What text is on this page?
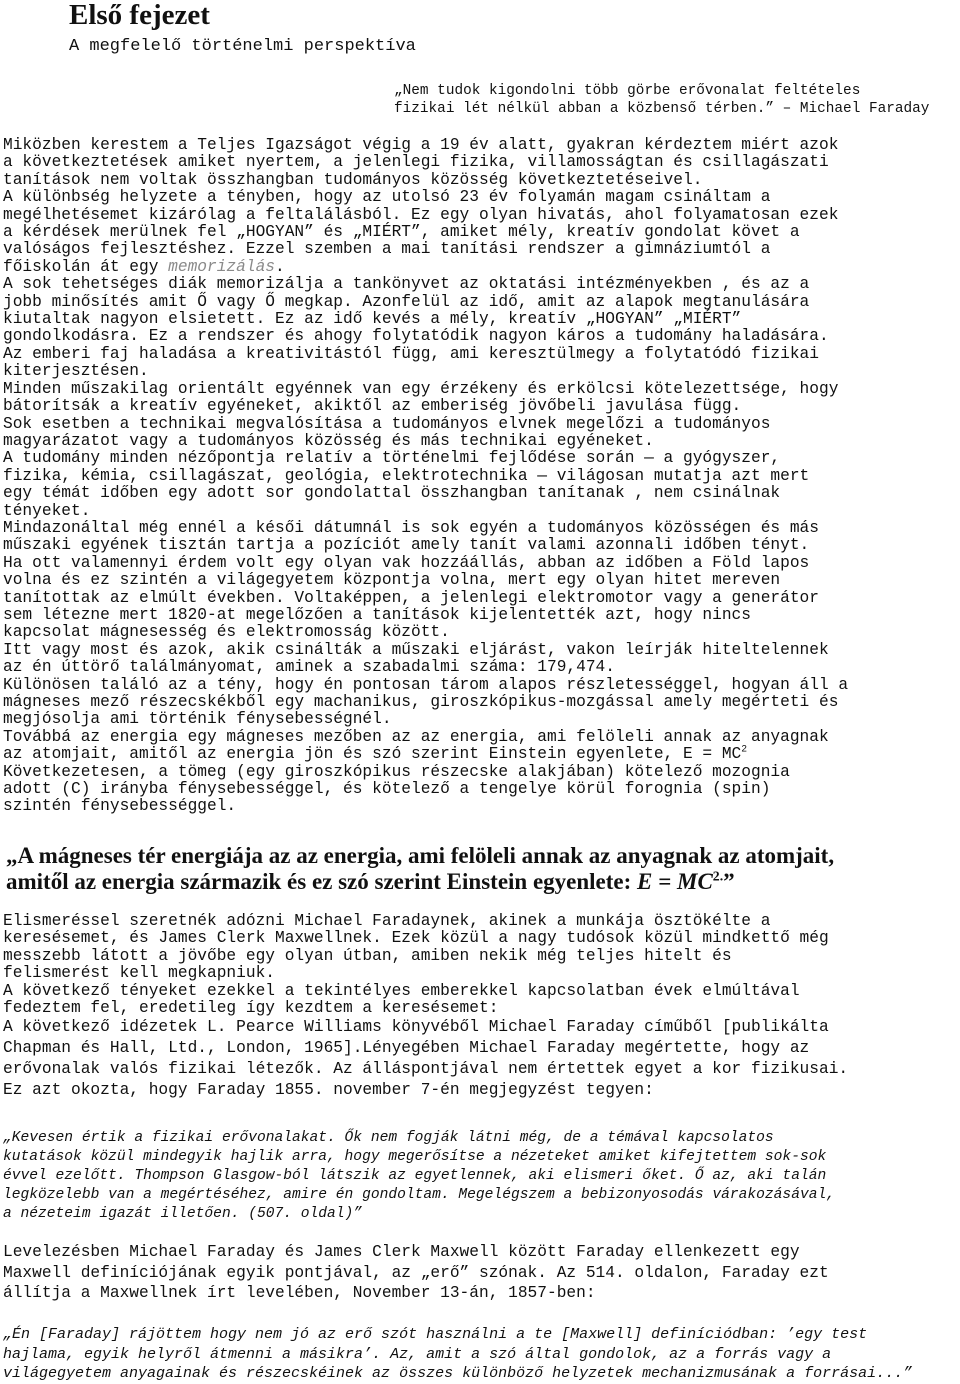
Első fejezet

A megfelelő történelmi perspektíva

„Nem tudok kigondolni több görbe erővonalat feltételes
fizikai lét nélkül abban a közbenső térben.” – Michael Faraday

Miközben kerestem a Teljes Igazságot végig a 19 év alatt, gyakran kérdeztem miért azok
a következtetések amiket nyertem, a jelenlegi fizika, villamosságtan és csillagászati
tanítások nem voltak összhangban tudományos közösség következtetéseivel.
A különbség helyzete a tényben, hogy az utolsó 23 év folyamán magam csináltam a
megélhetésemet kizárólag a feltalálásból. Ez egy olyan hivatás, ahol folyamatosan ezek
a kérdések merülnek fel „HOGYAN” és „MIÉRT”, amiket mély, kreatív gondolat követ a
valóságos fejlesztéshez. Ezzel szemben a mai tanítási rendszer a gimnáziumtól a
főiskolán át egy memorizálás.
A sok tehetséges diák memorizálja a tankönyvet az oktatási intézményekben , és az a
jobb minősítés amit Ő vagy Ő megkap. Azonfelül az idő, amit az alapok megtanulására
kiutaltak nagyon elsietett. Ez az idő kevés a mély, kreatív „HOGYAN” „MIÉRT”
gondolkodásra. Ez a rendszer és ahogy folytatódik nagyon káros a tudomány haladására.
Az emberi faj haladása a kreativitástól függ, ami keresztülmegy a folytatódó fizikai
kiterjesztésen.
Minden műszakilag orientált egyénnek van egy érzékeny és erkölcsi kötelezettsége, hogy
bátorítsák a kreatív egyéneket, akiktől az emberiség jövőbeli javulása függ.
Sok esetben a technikai megvalósítása a tudományos elvnek megelőzi a tudományos
magyarázatot vagy a tudományos közösség és más technikai egyéneket.
A tudomány minden nézőpontja relatív a történelmi fejlődése során — a gyógyszer,
fizika, kémia, csillagászat, geológia, elektrotechnika — világosan mutatja azt mert
egy témát időben egy adott sor gondolattal összhangban tanítanak , nem csinálnak
tényeket.
Mindazonáltal még ennél a késői dátumnál is sok egyén a tudományos közösségen és más
műszaki egyének tisztán tartja a pozíciót amely tanít valami azonnali időben tényt.
Ha ott valamennyi érdem volt egy olyan vak hozzáállás, abban az időben a Föld lapos
volna és ez szintén a világegyetem központja volna, mert egy olyan hitet mereven
tanítottak az elmúlt években. Voltaképpen, a jelenlegi elektromotor vagy a generátor
sem létezne mert 1820-at megelőzően a tanítások kijelentették azt, hogy nincs
kapcsolat mágnesesség és elektromosság között.
Itt vagy most és azok, akik csinálták a műszaki eljárást, vakon leírják hiteltelennek
az én úttörő találmányomat, aminek a szabadalmi száma: 179,474.
Különösen találó az a tény, hogy én pontosan tárom alapos részletességgel, hogyan áll a
mágneses mező részecskékből egy machanikus, giroszkópikus-mozgással amely megérteti és
megjósolja ami történik fénysebességnél.
Továbbá az energia egy mágneses mezőben az az energia, ami felöleli annak az anyagnak
az atomjait, amitől az energia jön és szó szerint Einstein egyenlete, $E = MC^2$
Következetesen, a tömeg (egy giroszkópikus részecske alakjában) kötelező mozognia
adott (C) irányba fénysebességgel, és kötelező a tengelye körül forognia (spin)
szintén fénysebességgel.

„A mágneses tér energiája az az energia, ami felöleli annak az anyagnak az atomjait,
amitől az energia származik és ez szó szerint Einstein egyenlete: $E = MC^{2.}$”

Elismeréssel szeretnék adózni Michael Faradaynek, akinek a munkája ösztökélte a
keresésemet, és James Clerk Maxwellnek. Ezek közül a nagy tudósok közül mindkettő még
messzebb látott a jövőbe egy olyan útban, amiben nekik még teljes hitelt és
felismerést kell megkapniuk.
A következő tényeket ezekkel a tekintélyes emberekkel kapcsolatban évek elmúltával
fedeztem fel, eredetileg így kezdtem a keresésemet:
A következő idézetek L. Pearce Williams könyvéből Michael Faraday címűből [publikálta
Chapman és Hall, Ltd., London, 1965].Lényegében Michael Faraday megértette, hogy az
erővonalak valós fizikai létezők. Az álláspontjával nem értettek egyet a kor fizikusai.
Ez azt okozta, hogy Faraday 1855. november 7-én megjegyzést tegyen:

„Kevesen értik a fizikai erővonalakat. Ők nem fogják látni még, de a témával kapcsolatos
kutatások közül mindegyik hajlik arra, hogy megerősítse a nézeteket amiket kifejtettem sok-sok
évvel ezelőtt. Thompson Glasgow-ból látszik az egyetlennek, aki elismeri őket. Ő az, aki talán
legközelebb van a megértéséhez, amire én gondoltam. Megelégszem a bebizonyosodás várakozásával,
a nézeteim igazát illetően. (507. oldal)”

Levelezésben Michael Faraday és James Clerk Maxwell között Faraday ellenkezett egy
Maxwell definíciójának egyik pontjával, az „erő” szónak. Az 514. oldalon, Faraday ezt
állítja a Maxwellnek írt levelében, November 13-án, 1857-ben:

„Én [Faraday] rájöttem hogy nem jó az erő szót használni a te [Maxwell] definíciódban: ’egy test
hajlama, egyik helyről átmenni a másikra’. Az, amit a szó által gondolok, az a forrás vagy a
világegyetem anyagainak és részecskéinek az összes különböző helyzetek mechanizmusának a forrásai...”
